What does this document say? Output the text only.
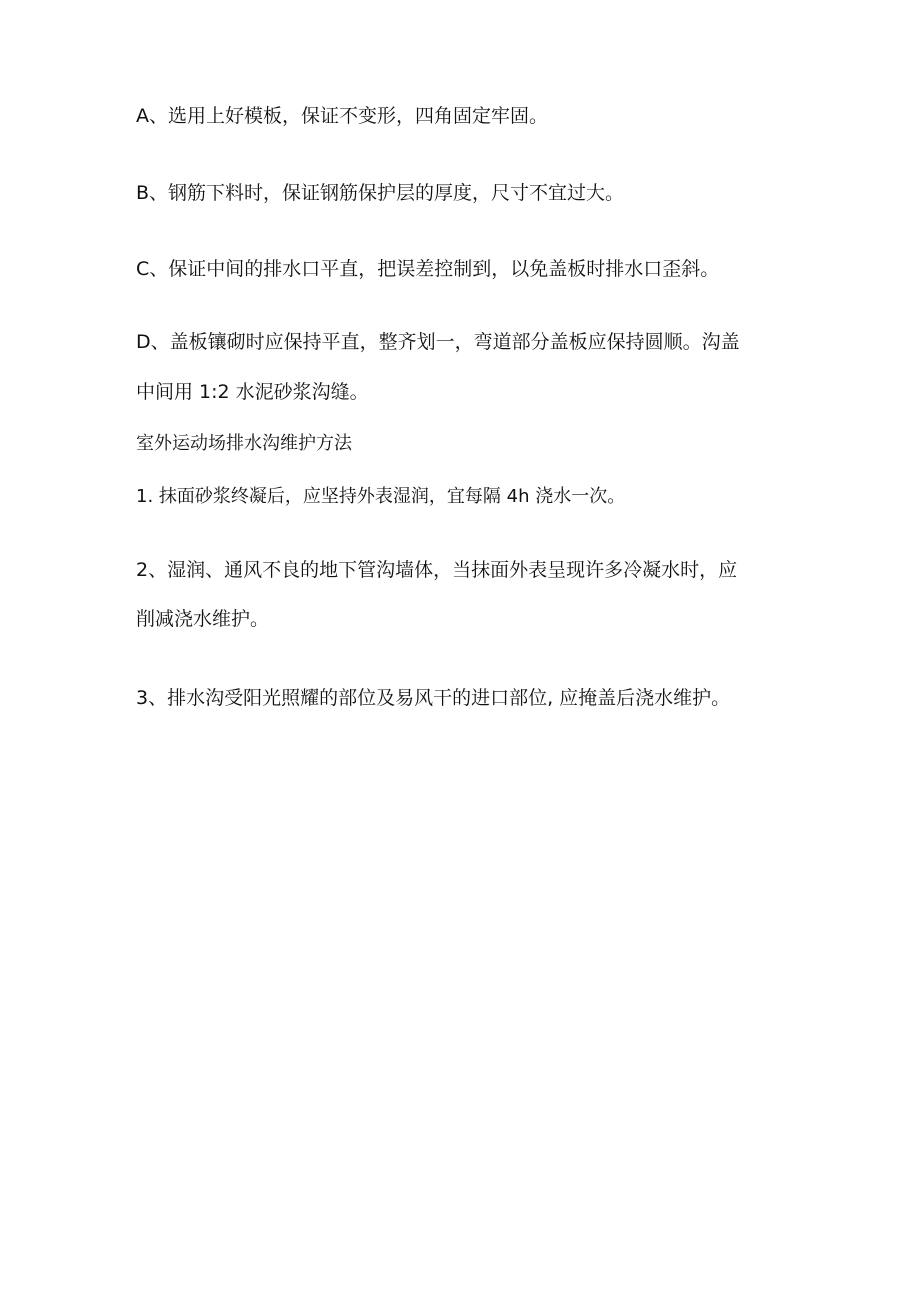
A、选用上好模板，保证不变形，四角固定牢固。
B、钢筋下料时，保证钢筋保护层的厚度，尺寸不宜过大。
C、保证中间的排水口平直，把误差控制到，以免盖板时排水口歪斜。
D、盖板镶砌时应保持平直，整齐划一，弯道部分盖板应保持圆顺。沟盖
中间用 1:2 水泥砂浆沟缝。
室外运动场排水沟维护方法
1. 抹面砂浆终凝后，应坚持外表湿润，宜每隔 4h 浇水一次。
2、湿润、通风不良的地下管沟墙体，当抹面外表呈现许多冷凝水时，应
削减浇水维护。
3、排水沟受阳光照耀的部位及易风干的进口部位, 应掩盖后浇水维护。
